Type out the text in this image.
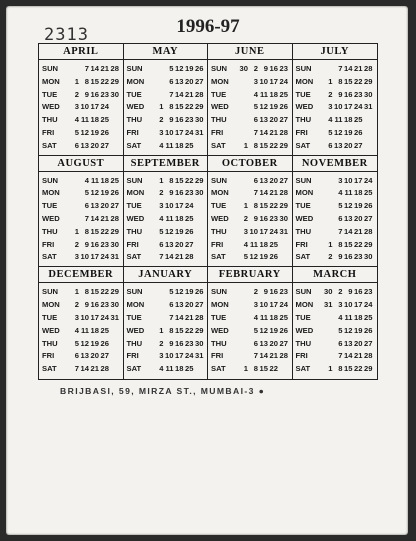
2313	1996-97
APRIL
SUN	7 14 21 28
MON	1 8 15 22 29
TUE	2 9 16 23 30
WED	3 10 17 24
THU	4 11 18 25
FRI	5 12 19 26
SAT	6 13 20 27
MAY
SUN	5 12 19 26
MON	6 13 20 27
TUE	7 14 21 28
WED	1 8 15 22 29
THU	2 9 16 23 30
FRI	3 10 17 24 31
SAT	4 11 18 25
JUNE
SUN	30 2 9 16 23
MON	3 10 17 24
TUE	4 11 18 25
WED	5 12 19 26
THU	6 13 20 27
FRI	7 14 21 28
SAT	1 8 15 22 29
JULY
SUN	7 14 21 28
MON	1 8 15 22 29
TUE	2 9 16 23 30
WED	3 10 17 24 31
THU	4 11 18 25
FRI	5 12 19 26
SAT	6 13 20 27
AUGUST
SUN	4 11 18 25
MON	5 12 19 26
TUE	6 13 20 27
WED	7 14 21 28
THU	1 8 15 22 29
FRI	2 9 16 23 30
SAT	3 10 17 24 31
SEPTEMBER
SUN	1 8 15 22 29
MON	2 9 16 23 30
TUE	3 10 17 24
WED	4 11 18 25
THU	5 12 19 26
FRI	6 13 20 27
SAT	7 14 21 28
OCTOBER
SUN	6 13 20 27
MON	7 14 21 28
TUE	1 8 15 22 29
WED	2 9 16 23 30
THU	3 10 17 24 31
FRI	4 11 18 25
SAT	5 12 19 26
NOVEMBER
SUN	3 10 17 24
MON	4 11 18 25
TUE	5 12 19 26
WED	6 13 20 27
THU	7 14 21 28
FRI	1 8 15 22 29
SAT	2 9 16 23 30
DECEMBER
SUN	1 8 15 22 29
MON	2 9 16 23 30
TUE	3 10 17 24 31
WED	4 11 18 25
THU	5 12 19 26
FRI	6 13 20 27
SAT	7 14 21 28
JANUARY
SUN	5 12 19 26
MON	6 13 20 27
TUE	7 14 21 28
WED	1 8 15 22 29
THU	2 9 16 23 30
FRI	3 10 17 24 31
SAT	4 11 18 25
FEBRUARY
SUN	2 9 16 23
MON	3 10 17 24
TUE	4 11 18 25
WED	5 12 19 26
THU	6 13 20 27
FRI	7 14 21 28
SAT	1 8 15 22
MARCH
SUN	30 2 9 16 23
MON	31 3 10 17 24
TUE	4 11 18 25
WED	5 12 19 26
THU	6 13 20 27
FRI	7 14 21 28
SAT	1 8 15 22 29
BRIJBASI, 59, MIRZA ST., MUMBAI-3 ●
